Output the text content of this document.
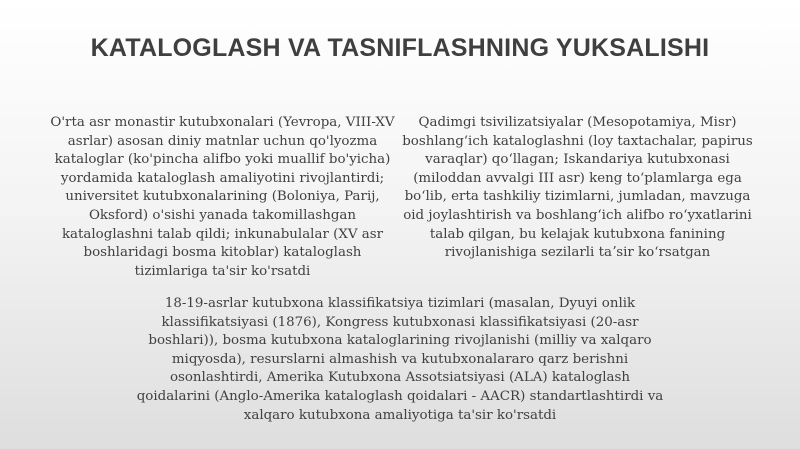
KATALOGLASH VA TASNIFLASHNING YUKSALISHI
O'rta asr monastir kutubxonalari (Yevropa, VIII-XV asrlar) asosan diniy matnlar uchun qo'lyozma kataloglar (ko'pincha alifbo yoki muallif bo'yicha) yordamida kataloglash amaliyotini rivojlantirdi; universitet kutubxonalarining (Boloniya, Parij, Oksford) o'sishi yanada takomillashgan kataloglashni talab qildi; inkunabulalar (XV asr boshlaridagi bosma kitoblar) kataloglash tizimlariga ta'sir ko'rsatdi
Qadimgi tsivilizatsiyalar (Mesopotamiya, Misr) boshlangʻich kataloglashni (loy taxtachalar, papirus varaqlar) qoʻllagan; Iskandariya kutubxonasi (miloddan avvalgi III asr) keng toʻplamlarga ega boʻlib, erta tashkiliy tizimlarni, jumladan, mavzuga oid joylashtirish va boshlangʻich alifbo roʻyxatlarini talab qilgan, bu kelajak kutubxona fanining rivojlanishiga sezilarli taʼsir koʻrsatgan
18-19-asrlar kutubxona klassifikatsiya tizimlari (masalan, Dyuyi onlik klassifikatsiyasi (1876), Kongress kutubxonasi klassifikatsiyasi (20-asr boshlari)), bosma kutubxona kataloglarining rivojlanishi (milliy va xalqaro miqyosda), resurslarni almashish va kutubxonalararo qarz berishni osonlashtirdi, Amerika Kutubxona Assotsiatsiyasi (ALA) kataloglash qoidalarini (Anglo-Amerika kataloglash qoidalari - AACR) standartlashtirdi va xalqaro kutubxona amaliyotiga ta'sir ko'rsatdi
